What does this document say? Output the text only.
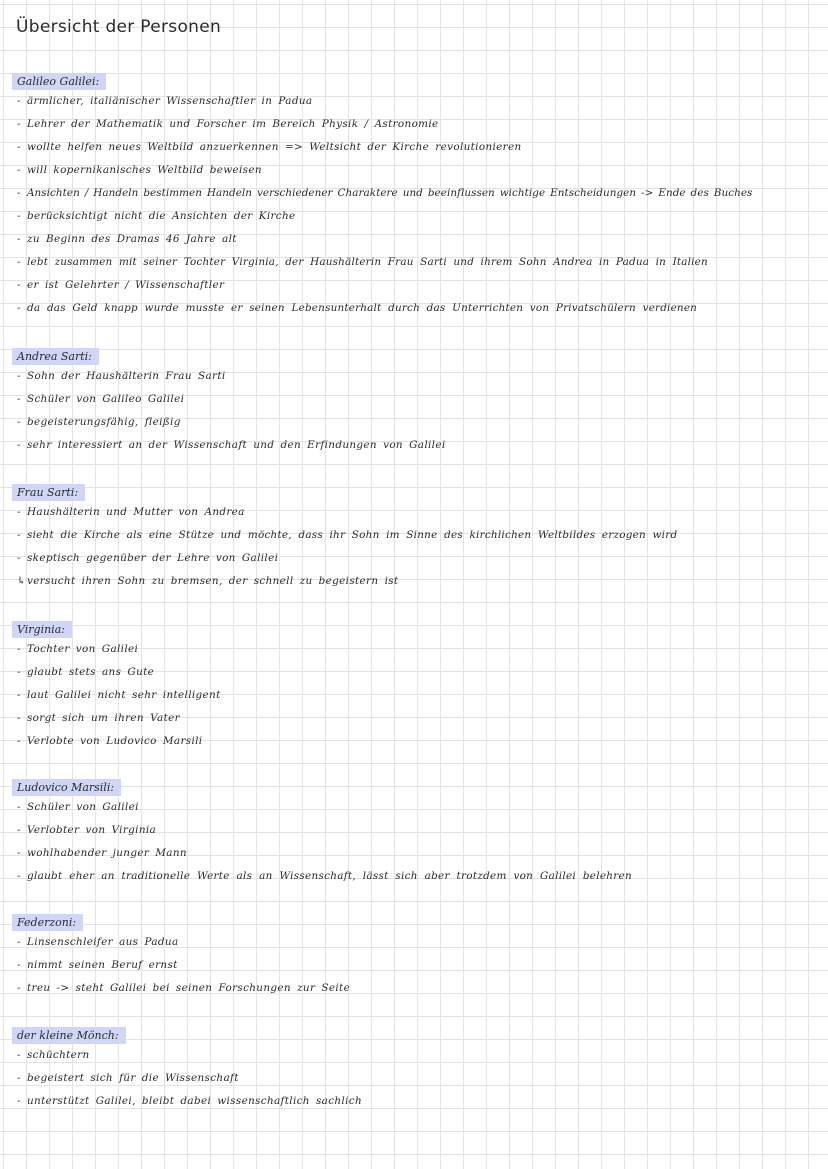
Übersicht der Personen
Galileo Galilei:
- ärmlicher, italiänischer Wissenschaftler in Padua
- Lehrer der Mathematik und Forscher im Bereich Physik / Astronomie
- wollte helfen neues Weltbild anzuerkennen => Weltsicht der Kirche revolutionieren
- will kopernikanisches Weltbild beweisen
- Ansichten / Handeln bestimmen Handeln verschiedener Charaktere und beeinflussen wichtige Entscheidungen -> Ende des Buches
- berücksichtigt nicht die Ansichten der Kirche
- zu Beginn des Dramas 46 Jahre alt
- lebt zusammen mit seiner Tochter Virginia, der Haushälterin Frau Sarti und ihrem Sohn Andrea in Padua in Italien
- er ist Gelehrter / Wissenschaftler
- da das Geld knapp wurde musste er seinen Lebensunterhalt durch das Unterrichten von Privatschülern verdienen
Andrea Sarti:
- Sohn der Haushälterin Frau Sarti
- Schüler von Galileo Galilei
- begeisterungsfähig, fleißig
- sehr interessiert an der Wissenschaft und den Erfindungen von Galilei
Frau Sarti:
- Haushälterin und Mutter von Andrea
- sieht die Kirche als eine Stütze und möchte, dass ihr Sohn im Sinne des kirchlichen Weltbildes erzogen wird
- skeptisch gegenüber der Lehre von Galilei
↳versucht ihren Sohn zu bremsen, der schnell zu begeistern ist
Virginia:
- Tochter von Galilei
- glaubt stets ans Gute
- laut Galilei nicht sehr intelligent
- sorgt sich um ihren Vater
- Verlobte von Ludovico Marsili
Ludovico Marsili:
- Schüler von Galilei
- Verlobter von Virginia
- wohlhabender junger Mann
- glaubt eher an traditionelle Werte als an Wissenschaft, lässt sich aber trotzdem von Galilei belehren
Federzoni:
- Linsenschleifer aus Padua
- nimmt seinen Beruf ernst
- treu -> steht Galilei bei seinen Forschungen zur Seite
der kleine Mönch:
- schüchtern
- begeistert sich für die Wissenschaft
- unterstützt Galilei, bleibt dabei wissenschaftlich sachlich
